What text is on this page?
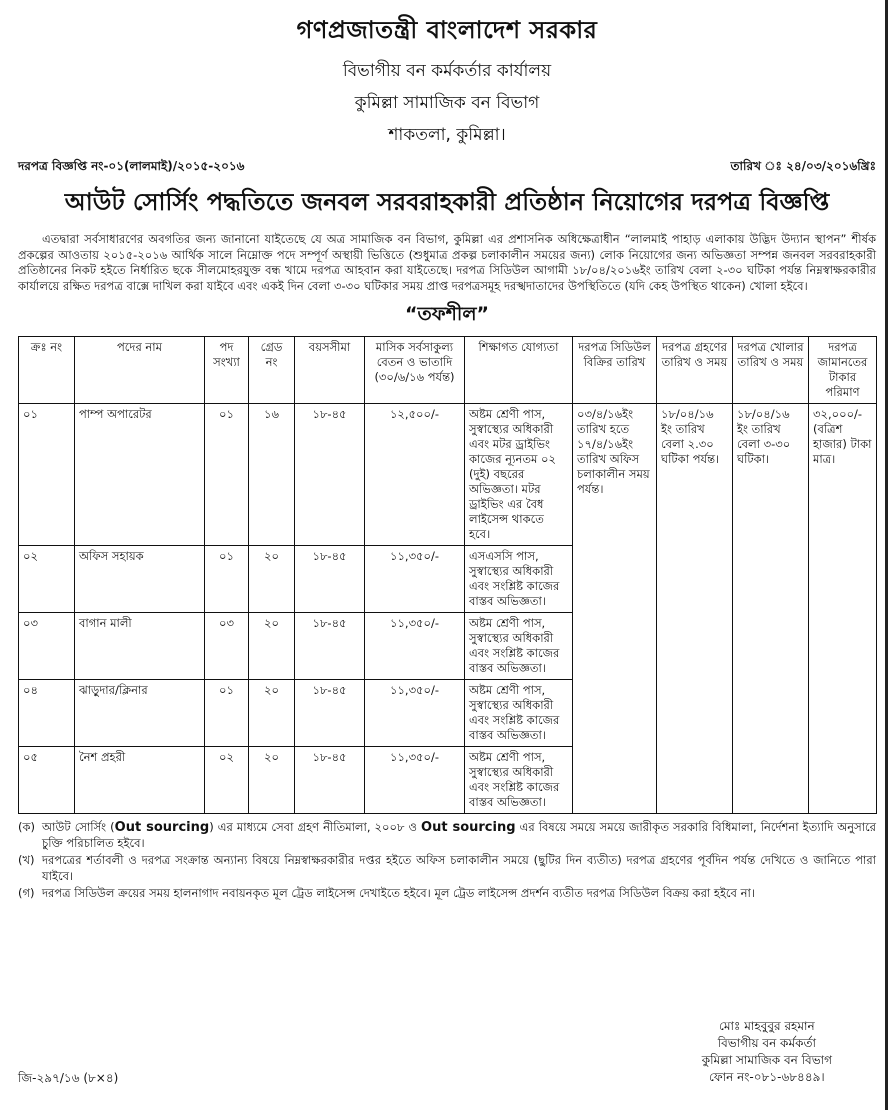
গণপ্রজাতন্ত্রী বাংলাদেশ সরকার
বিভাগীয় বন কর্মকর্তার কার্যালয়
কুমিল্লা সামাজিক বন বিভাগ
শাকতলা, কুমিল্লা।
দরপত্র বিজ্ঞপ্তি নং-০১(লালমাই)/২০১৫-২০১৬	তারিখ ঃ ২৪/০৩/২০১৬খ্রিঃ
আউট সোর্সিং পদ্ধতিতে জনবল সরবরাহকারী প্রতিষ্ঠান নিয়োগের দরপত্র বিজ্ঞপ্তি
এতদ্বারা সর্বসাধারণের অবগতির জন্য জানানো যাইতেছে যে অত্র সামাজিক বন বিভাগ, কুমিল্লা এর প্রশাসনিক অধিক্ষেত্রাধীন “লালমাই পাহাড় এলাকায় উদ্ভিদ উদ্যান স্থাপন” শীর্ষক প্রকল্পের আওতায় ২০১৫-২০১৬ আর্থিক সালে নিম্নোক্ত পদে সম্পূর্ণ অস্থায়ী ভিত্তিতে (শুধুমাত্র প্রকল্প চলাকালীন সময়ের জন্য) লোক নিয়োগের জন্য অভিজ্ঞতা সম্পন্ন জনবল সরবরাহকারী প্রতিষ্ঠানের নিকট হইতে নির্ধারিত ছকে সীলমোহরযুক্ত বন্ধ খামে দরপত্র আহবান করা যাইতেছে। দরপত্র সিডিউল আগামী ১৮/০৪/২০১৬ইং তারিখ বেলা ২-৩০ ঘটিকা পর্যন্ত নিম্নস্বাক্ষরকারীর কার্যালয়ে রক্ষিত দরপত্র বাক্সে দাখিল করা যাইবে এবং একই দিন বেলা ৩-৩০ ঘটিকার সময় প্রাপ্ত দরপত্রসমূহ দরস্খদাতাদের উপস্থিতিতে (যদি কেহ উপস্থিত থাকেন) খোলা হইবে।
“তফশীল”
ক্রঃ নং	পদের নাম	পদ সংখ্যা	গ্রেড নং	বয়সসীমা	মাসিক সর্বসাকুল্য বেতন ও ভাতাদি (৩০/৬/১৬ পর্যন্ত)	শিক্ষাগত যোগ্যতা	দরপত্র সিডিউল বিক্রির তারিখ	দরপত্র গ্রহণের তারিখ ও সময়	দরপত্র খোলার তারিখ ও সময়	দরপত্র জামানতের টাকার পরিমাণ
০১	পাম্প অপারেটর	০১	১৬	১৮-৪৫	১২,৫০০/-	অষ্টম শ্রেণী পাস, সুস্বাস্থ্যের অধিকারী এবং মটর ড্রাইভিং কাজের ন্যূনতম ০২ (দুই) বছরের অভিজ্ঞতা। মটর ড্রাইভিং এর বৈধ লাইসেন্স থাকতে হবে।	০৩/৪/১৬ইং তারিখ হতে ১৭/৪/১৬ইং তারিখ অফিস চলাকালীন সময় পর্যন্ত।	১৮/০৪/১৬ ইং তারিখ বেলা ২.৩০ ঘটিকা পর্যন্ত।	১৮/০৪/১৬ ইং তারিখ বেলা ৩-৩০ ঘটিকা।	৩২,০০০/- (বত্রিশ হাজার) টাকা মাত্র।
০২	অফিস সহায়ক	০১	২০	১৮-৪৫	১১,৩৫০/-	এসএসসি পাস, সুস্বাস্থ্যের অধিকারী এবং সংশ্লিষ্ট কাজের বাস্তব অভিজ্ঞতা।				
০৩	বাগান মালী	০৩	২০	১৮-৪৫	১১,৩৫০/-	অষ্টম শ্রেণী পাস, সুস্বাস্থ্যের অধিকারী এবং সংশ্লিষ্ট কাজের বাস্তব অভিজ্ঞতা।				
০৪	ঝাড়ুদার/ক্লিনার	০১	২০	১৮-৪৫	১১,৩৫০/-	অষ্টম শ্রেণী পাস, সুস্বাস্থ্যের অধিকারী এবং সংশ্লিষ্ট কাজের বাস্তব অভিজ্ঞতা।				
০৫	নৈশ প্রহরী	০২	২০	১৮-৪৫	১১,৩৫০/-	অষ্টম শ্রেণী পাস, সুস্বাস্থ্যের অধিকারী এবং সংশ্লিষ্ট কাজের বাস্তব অভিজ্ঞতা।				
(ক) আউট সোর্সিং (Out sourcing) এর মাধ্যমে সেবা গ্রহণ নীতিমালা, ২০০৮ ও Out sourcing এর বিষয়ে সময়ে সময়ে জারীকৃত সরকারি বিধিমালা, নির্দেশনা ইত্যাদি অনুসারে চুক্তি পরিচালিত হইবে।
(খ) দরপত্রের শর্তাবলী ও দরপত্র সংক্রান্ত অন্যান্য বিষয়ে নিম্নস্বাক্ষরকারীর দপ্তর হইতে অফিস চলাকালীন সময়ে (ছুটির দিন ব্যতীত) দরপত্র গ্রহণের পূর্বদিন পর্যন্ত দেখিতে ও জানিতে পারা যাইবে।
(গ) দরপত্র সিডিউল ক্রয়ের সময় হালনাগাদ নবায়নকৃত মূল ট্রেড লাইসেন্স দেখাইতে হইবে। মূল ট্রেড লাইসেন্স প্রদর্শন ব্যতীত দরপত্র সিডিউল বিক্রয় করা হইবে না।
মোঃ মাহবুবুর রহমান
বিভাগীয় বন কর্মকর্তা
কুমিল্লা সামাজিক বন বিভাগ
ফোন নং-০৮১-৬৮৪৪৯।
জি-২৯৭/১৬ (৮×৪)
